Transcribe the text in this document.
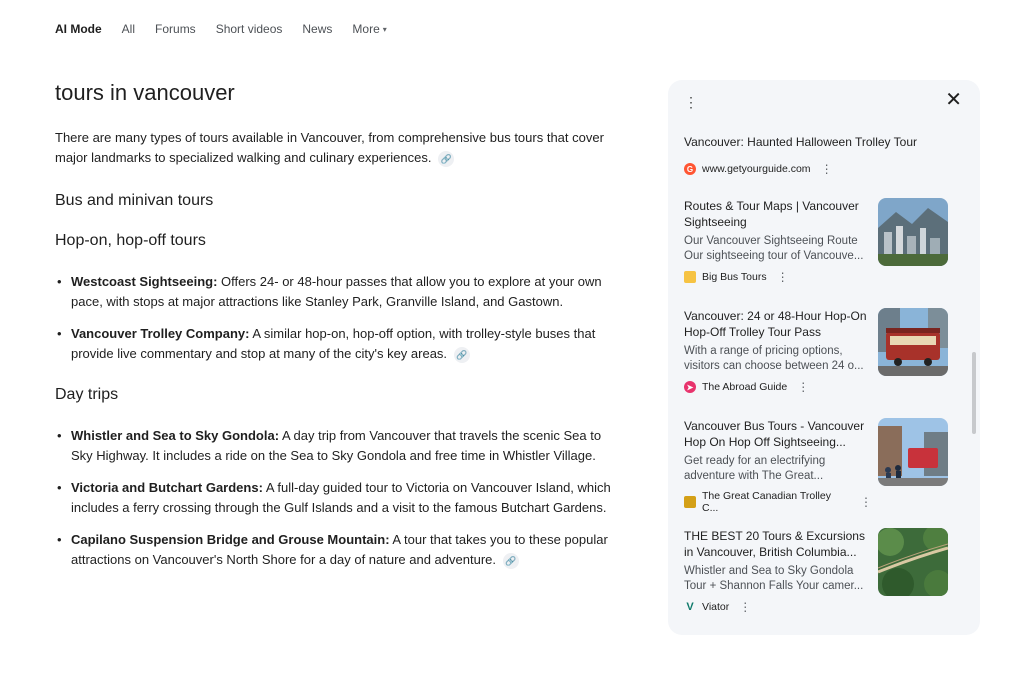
AI Mode All Forums Short videos News More ▾
tours in vancouver

There are many types of tours available in Vancouver, from comprehensive bus tours that cover major landmarks to specialized walking and culinary experiences. 🔗

Bus and minivan tours
Hop-on, hop-off tours
• Westcoast Sightseeing: Offers 24- or 48-hour passes that allow you to explore at your own pace, with stops at major attractions like Stanley Park, Granville Island, and Gastown.
• Vancouver Trolley Company: A similar hop-on, hop-off option, with trolley-style buses that provide live commentary and stop at many of the city's key areas. 🔗
Day trips
• Whistler and Sea to Sky Gondola: A day trip from Vancouver that travels the scenic Sea to Sky Highway. It includes a ride on the Sea to Sky Gondola and free time in Whistler Village.
• Victoria and Butchart Gardens: A full-day guided tour to Victoria on Vancouver Island, which includes a ferry crossing through the Gulf Islands and a visit to the famous Butchart Gardens.
• Capilano Suspension Bridge and Grouse Mountain: A tour that takes you to these popular attractions on Vancouver's North Shore for a day of nature and adventure. 🔗
⋮	✕
Vancouver: Haunted Halloween Trolley Tour
G www.getyourguide.com ⋮
Routes & Tour Maps | Vancouver Sightseeing
Our Vancouver Sightseeing Route Our sightseeing tour of Vancouve...
Big Bus Tours ⋮
Vancouver: 24 or 48-Hour Hop-On Hop-Off Trolley Tour Pass
With a range of pricing options, visitors can choose between 24 o...
➤ The Abroad Guide ⋮
Vancouver Bus Tours - Vancouver Hop On Hop Off Sightseeing...
Get ready for an electrifying adventure with The Great...
The Great Canadian Trolley C...	⋮
THE BEST 20 Tours & Excursions in Vancouver, British Columbia...
Whistler and Sea to Sky Gondola Tour + Shannon Falls Your camer...
V Viator ⋮
